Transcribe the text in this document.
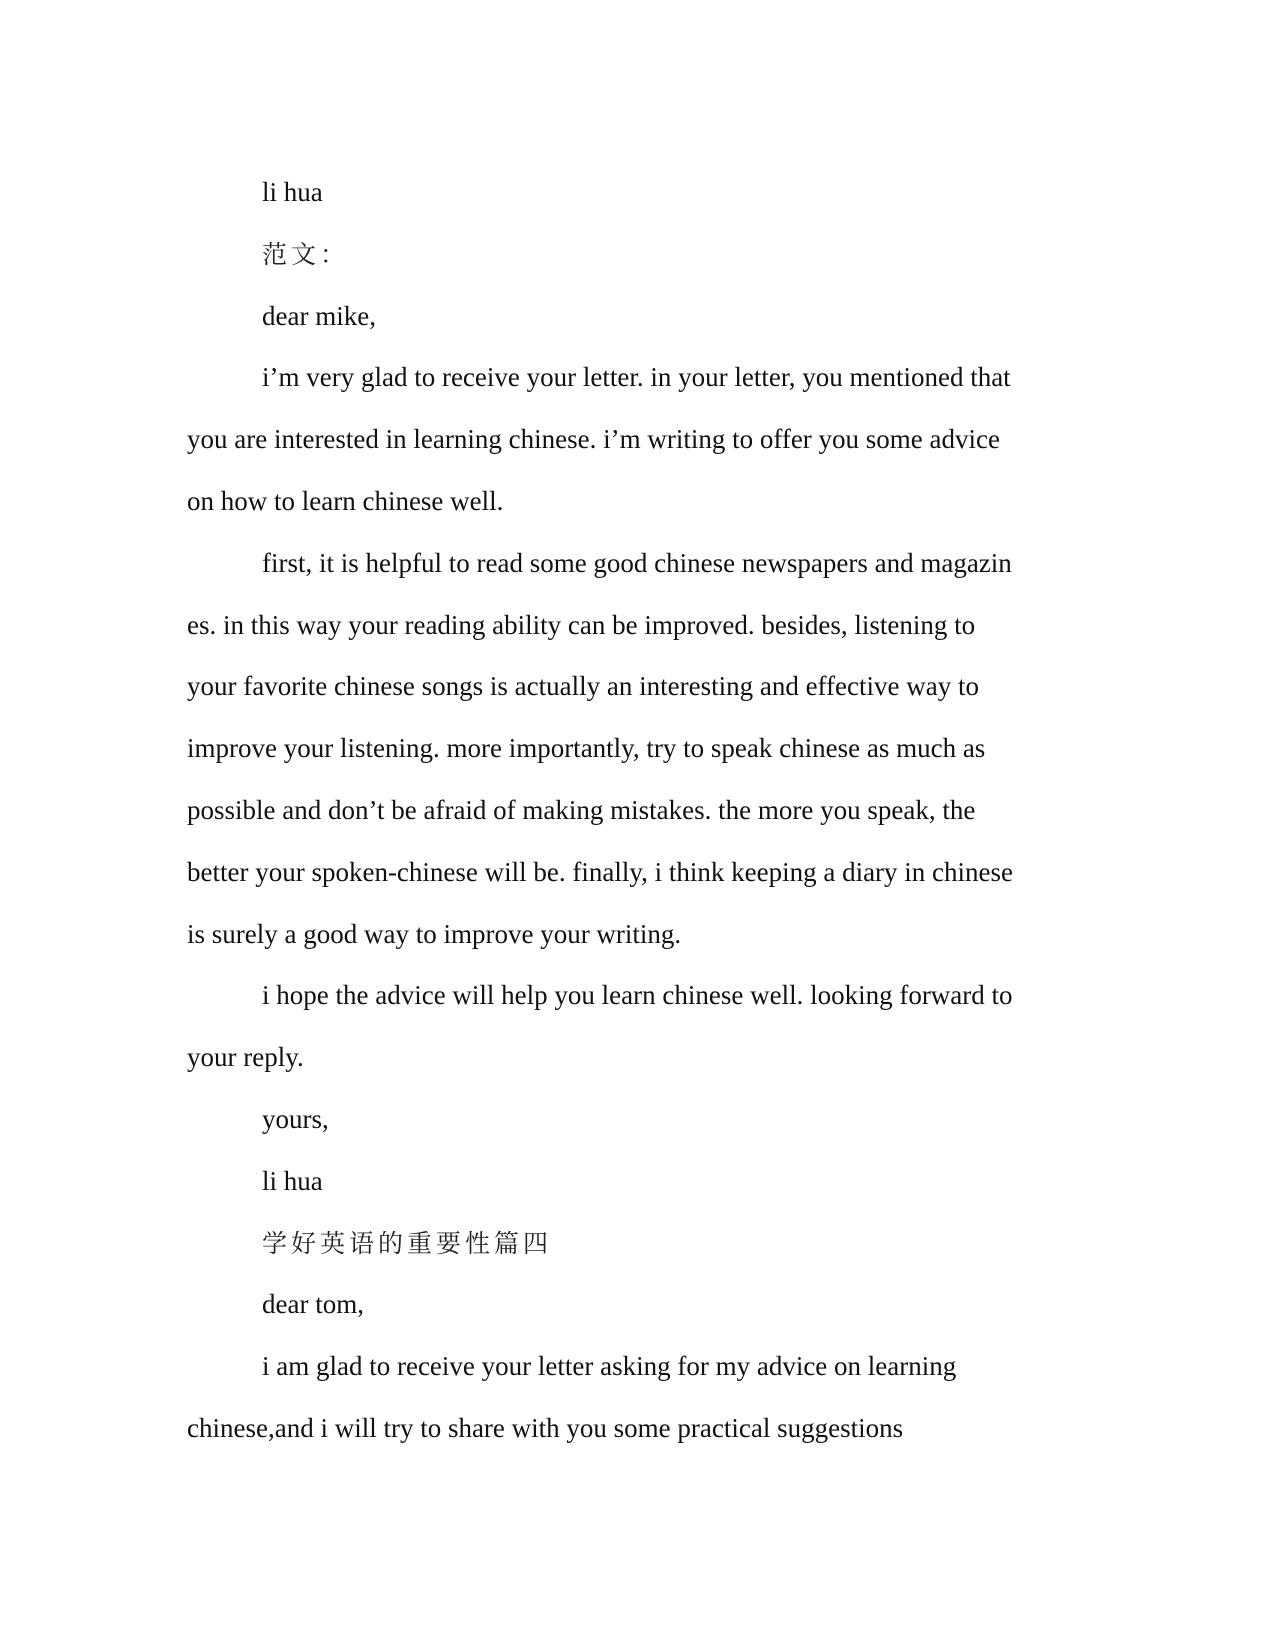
li hua

范文：

dear mike,

i’m very glad to receive your letter. in your letter, you mentioned that

you are interested in learning chinese. i’m writing to offer you some advice

on how to learn chinese well.

first, it is helpful to read some good chinese newspapers and magazin

es. in this way your reading ability can be improved. besides, listening to

your favorite chinese songs is actually an interesting and effective way to

improve your listening. more importantly, try to speak chinese as much as

possible and don’t be afraid of making mistakes. the more you speak, the

better your spoken-chinese will be. finally, i think keeping a diary in chinese

is surely a good way to improve your writing.

i hope the advice will help you learn chinese well. looking forward to

your reply.

yours,

li hua

学好英语的重要性篇四

dear tom,

i am glad to receive your letter asking for my advice on learning

chinese,and i will try to share with you some practical suggestions
